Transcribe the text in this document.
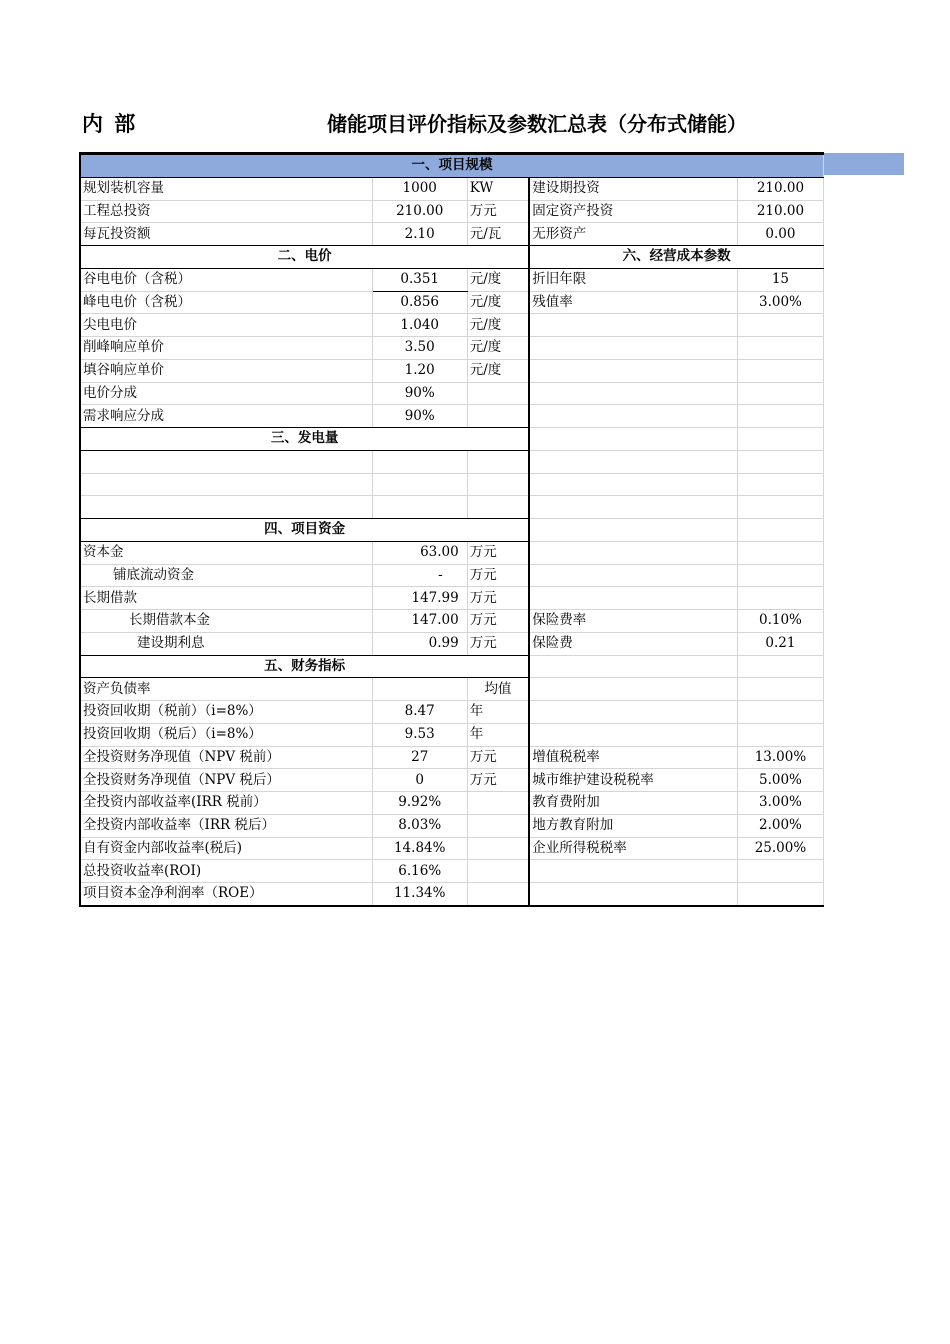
内 部	储能项目评价指标及参数汇总表（分布式储能）
一、项目规模				
规划装机容量	1000	KW	建设期投资	210.00
工程总投资	210.00	万元	固定资产投资	210.00
每瓦投资额	2.10	元/瓦	无形资产	0.00
二、电价			六、经营成本参数	
谷电电价（含税）	0.351	元/度	折旧年限	15
峰电电价（含税）	0.856	元/度	残值率	3.00%
尖电电价	1.040	元/度		
削峰响应单价	3.50	元/度		
填谷响应单价	1.20	元/度		
电价分成	90%			
需求响应分成	90%			
三、发电量				

四、项目资金				
资本金	63.00	万元		
铺底流动资金	-	万元		
长期借款	147.99	万元		
长期借款本金	147.00	万元	保险费率	0.10%
建设期利息	0.99	万元	保险费	0.21
五、财务指标				
资产负债率		均值		
投资回收期（税前）（i=8%）	8.47	年		
投资回收期（税后）（i=8%）	9.53	年		
全投资财务净现值（NPV 税前）	27	万元	增值税税率	13.00%
全投资财务净现值（NPV 税后）	0	万元	城市维护建设税税率	5.00%
全投资内部收益率(IRR 税前）	9.92%		教育费附加	3.00%
全投资内部收益率（IRR 税后）	8.03%		地方教育附加	2.00%
自有资金内部收益率(税后)	14.84%		企业所得税税率	25.00%
总投资收益率(ROI)	6.16%			
项目资本金净利润率（ROE）	11.34%			
